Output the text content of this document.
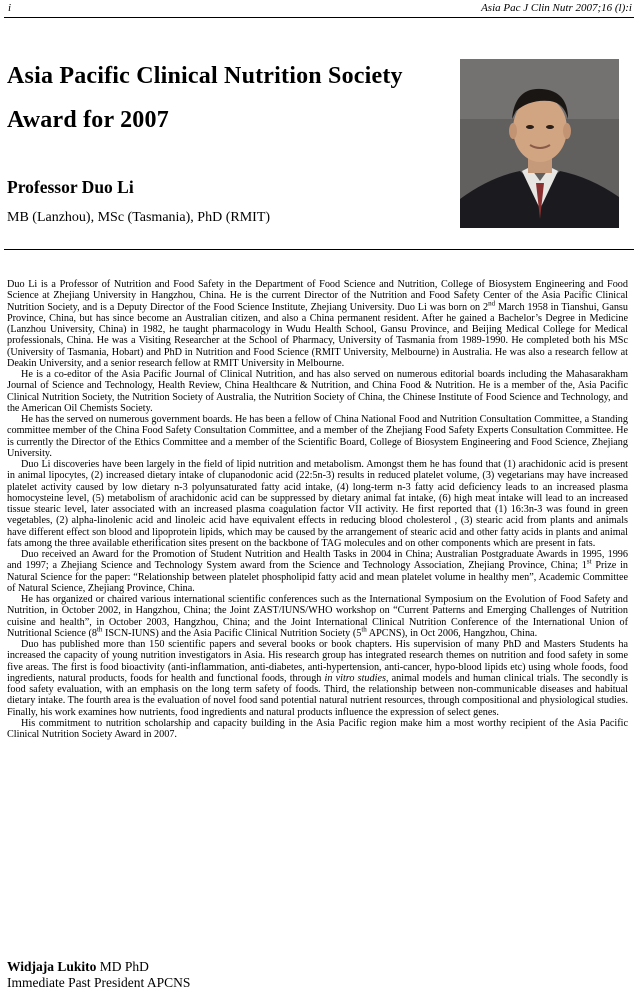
i	Asia Pac J Clin Nutr 2007;16 (l):i
Asia Pacific Clinical Nutrition Society
Award for 2007
Professor Duo Li
MB (Lanzhou), MSc (Tasmania), PhD (RMIT)

Duo Li is a Professor of Nutrition and Food Safety in the Department of Food Science and Nutrition, College of Biosystem Engineering and Food Science at Zhejiang University in Hangzhou, China. He is the current Director of the Nutrition and Food Safety Center of the Asia Pacific Clinical Nutrition Society, and is a Deputy Director of the Food Science Institute, Zhejiang University. Duo Li was born on 2nd March 1958 in Tianshui, Gansu Province, China, but has since become an Australian citizen, and also a China permanent resident. After he gained a Bachelor’s Degree in Medicine (Lanzhou University, China) in 1982, he taught pharmacology in Wudu Health School, Gansu Province, and Beijing Medical College for Medical professionals, China. He was a Visiting Researcher at the School of Pharmacy, University of Tasmania from 1989-1990. He completed both his MSc (University of Tasmania, Hobart) and PhD in Nutrition and Food Science (RMIT University, Melbourne) in Australia. He was also a research fellow at Deakin University, and a senior research fellow at RMIT University in Melbourne.

He is a co-editor of the Asia Pacific Journal of Clinical Nutrition, and has also served on numerous editorial boards including the Mahasarakham Journal of Science and Technology, Health Review, China Healthcare & Nutrition, and China Food & Nutrition. He is a member of the, Asia Pacific Clinical Nutrition Society, the Nutrition Society of Australia, the Nutrition Society of China, the Chinese Institute of Food Science and Technology, and the American Oil Chemists Society.

He has the served on numerous government boards. He has been a fellow of China National Food and Nutrition Consultation Committee, a Standing committee member of the China Food Safety Consultation Committee, and a member of the Zhejiang Food Safety Experts Consultation Committee. He is currently the Director of the Ethics Committee and a member of the Scientific Board, College of Biosystem Engineering and Food Science, Zhejiang University.

Duo Li discoveries have been largely in the field of lipid nutrition and metabolism. Amongst them he has found that (1) arachidonic acid is present in animal lipocytes, (2) increased dietary intake of clupanodonic acid (22:5n-3) results in reduced platelet volume, (3) vegetarians may have increased platelet activity caused by low dietary n-3 polyunsaturated fatty acid intake, (4) long-term n-3 fatty acid deficiency leads to an increased plasma homocysteine level, (5) metabolism of arachidonic acid can be suppressed by dietary animal fat intake, (6) high meat intake will lead to an increased tissue stearic level, later associated with an increased plasma coagulation factor VII activity. He first reported that (1) 16:3n-3 was found in green vegetables, (2) alpha-linolenic acid and linoleic acid have equivalent effects in reducing blood cholesterol , (3) stearic acid from plants and animals have different effect son blood and lipoprotein lipids, which may be caused by the arrangement of stearic acid and other fatty acids in plants and animal fats among the three available etherification sites present on the backbone of TAG molecules and on other components which are present in fats.

Duo received an Award for the Promotion of Student Nutrition and Health Tasks in 2004 in China; Australian Postgraduate Awards in 1995, 1996 and 1997; a Zhejiang Science and Technology System award from the Science and Technology Association, Zhejiang Province, China; 1st Prize in Natural Science for the paper: “Relationship between platelet phospholipid fatty acid and mean platelet volume in healthy men”, Academic Committee of Natural Science, Zhejiang Province, China.

He has organized or chaired various international scientific conferences such as the International Symposium on the Evolution of Food Safety and Nutrition, in October 2002, in Hangzhou, China; the Joint ZAST/IUNS/WHO workshop on “Current Patterns and Emerging Challenges of Nutrition cuisine and health”, in October 2003, Hangzhou, China; and the Joint International Clinical Nutrition Conference of the International Union of Nutritional Science (8th ISCN-IUNS) and the Asia Pacific Clinical Nutrition Society (5th APCNS), in Oct 2006, Hangzhou, China.

Duo has published more than 150 scientific papers and several books or book chapters. His supervision of many PhD and Masters Students ha increased the capacity of young nutrition investigators in Asia. His research group has integrated research themes on nutrition and food safety in some five areas. The first is food bioactivity (anti-inflammation, anti-diabetes, anti-hypertension, anti-cancer, hypo-blood lipids etc) using whole foods, food ingredients, natural products, foods for health and functional foods, through in vitro studies, animal models and human clinical trials. The secondly is food safety evaluation, with an emphasis on the long term safety of foods. Third, the relationship between non-communicable diseases and habitual dietary intake. The fourth area is the evaluation of novel food sand potential natural nutrient resources, through compositional and physiological studies. Finally, his work examines how nutrients, food ingredients and natural products influence the expression of select genes.

His commitment to nutrition scholarship and capacity building in the Asia Pacific region make him a most worthy recipient of the Asia Pacific Clinical Nutrition Society Award in 2007.

Widjaja Lukito MD PhD
Immediate Past President APCNS
